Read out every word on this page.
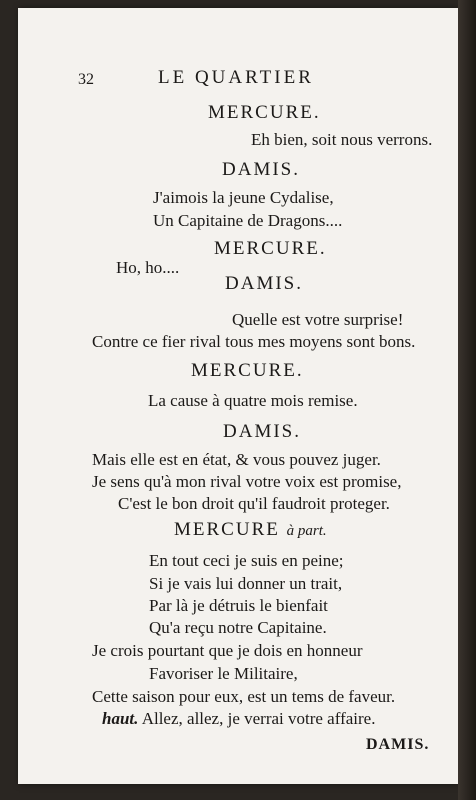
32	LE QUARTIER
MERCURE.
Eh bien, soit nous verrons.
DAMIS.
J'aimois la jeune Cydalise,
Un Capitaine de Dragons....
MERCURE.
Ho, ho....
DAMIS.
Quelle est votre surprise!
Contre ce fier rival tous mes moyens sont bons.
MERCURE.
La cause à quatre mois remise.
DAMIS.
Mais elle est en état, & vous pouvez juger.
Je sens qu'à mon rival votre voix est promise,
C'est le bon droit qu'il faudroit proteger.
MERCURE à part.
En tout ceci je suis en peine;
Si je vais lui donner un trait,
Par là je détruis le bienfait
Qu'a reçu notre Capitaine.
Je crois pourtant que je dois en honneur
Favoriser le Militaire,
Cette saison pour eux, est un tems de faveur.
haut. Allez, allez, je verrai votre affaire.
DAMIS.
